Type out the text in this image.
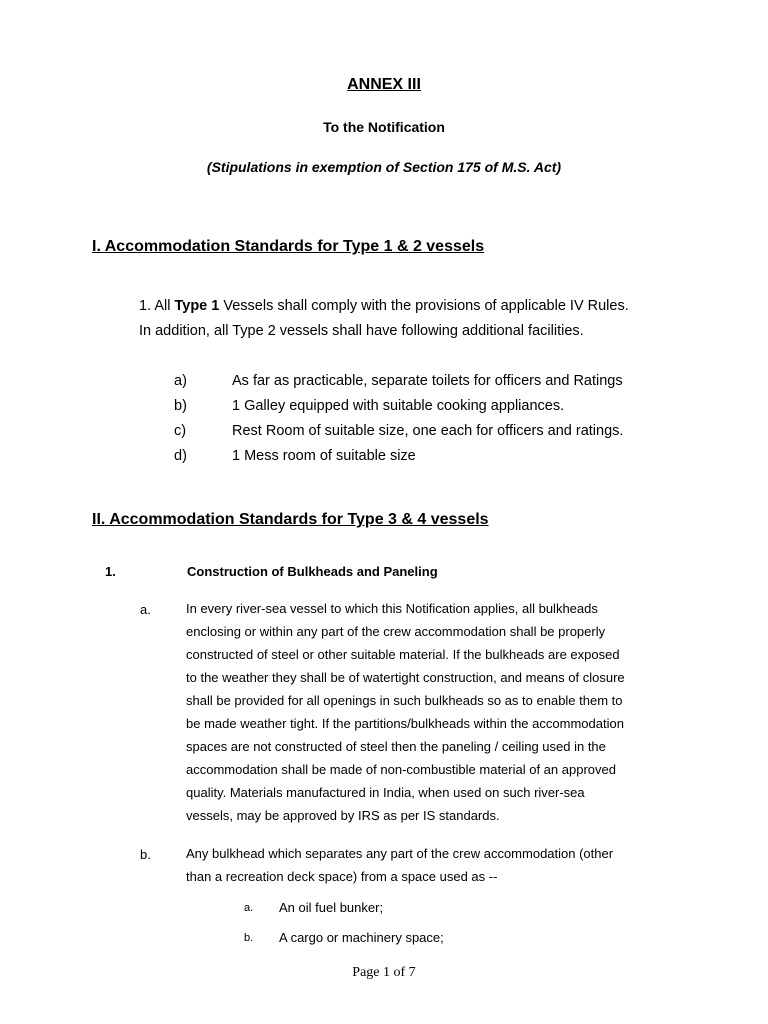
ANNEX III
To the Notification
(Stipulations in exemption of Section 175 of M.S. Act)
I. Accommodation Standards for Type 1 & 2 vessels
1. All Type 1 Vessels shall comply with the provisions of applicable IV Rules.
In addition, all Type 2 vessels shall have following additional facilities.
a)	As far as practicable, separate toilets for officers and Ratings
b)	1 Galley equipped with suitable cooking appliances.
c)	Rest Room of suitable size, one each for officers and ratings.
d)	1 Mess room of suitable size
II. Accommodation Standards for Type 3 & 4 vessels
1.	Construction of Bulkheads and Paneling
a.	In every river-sea vessel to which this Notification applies, all bulkheads
enclosing or within any part of the crew accommodation shall be properly
constructed of steel or other suitable material. If the bulkheads are exposed
to the weather they shall be of watertight construction, and means of closure
shall be provided for all openings in such bulkheads so as to enable them to
be made weather tight. If the partitions/bulkheads within the accommodation
spaces are not constructed of steel then the paneling / ceiling used in the
accommodation shall be made of non-combustible material of an approved
quality. Materials manufactured in India, when used on such river-sea
vessels, may be approved by IRS as per IS standards.
b.	Any bulkhead which separates any part of the crew accommodation (other
than a recreation deck space) from a space used as --
a. An oil fuel bunker;
b. A cargo or machinery space;
Page 1 of 7
